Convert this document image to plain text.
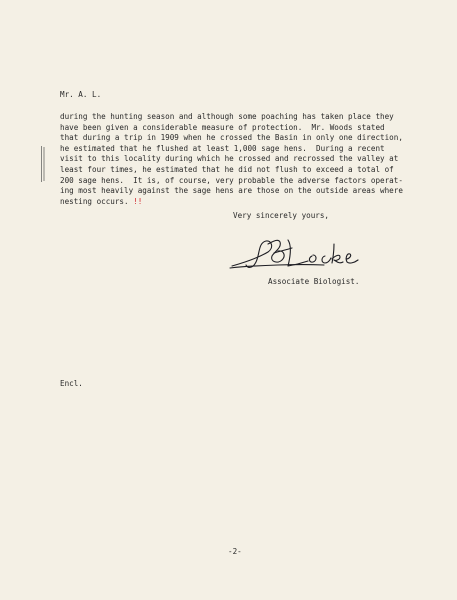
Mr. A. L.
during the hunting season and although some poaching has taken place they
have been given a considerable measure of protection.  Mr. Woods stated
that during a trip in 1909 when he crossed the Basin in only one direction,
he estimated that he flushed at least 1,000 sage hens.  During a recent
visit to this locality during which he crossed and recrossed the valley at
least four times, he estimated that he did not flush to exceed a total of
200 sage hens.  It is, of course, very probable the adverse factors operat-
ing most heavily against the sage hens are those on the outside areas where
nesting occurs. !!
Very sincerely yours,
Associate Biologist.
Encl.
-2-
